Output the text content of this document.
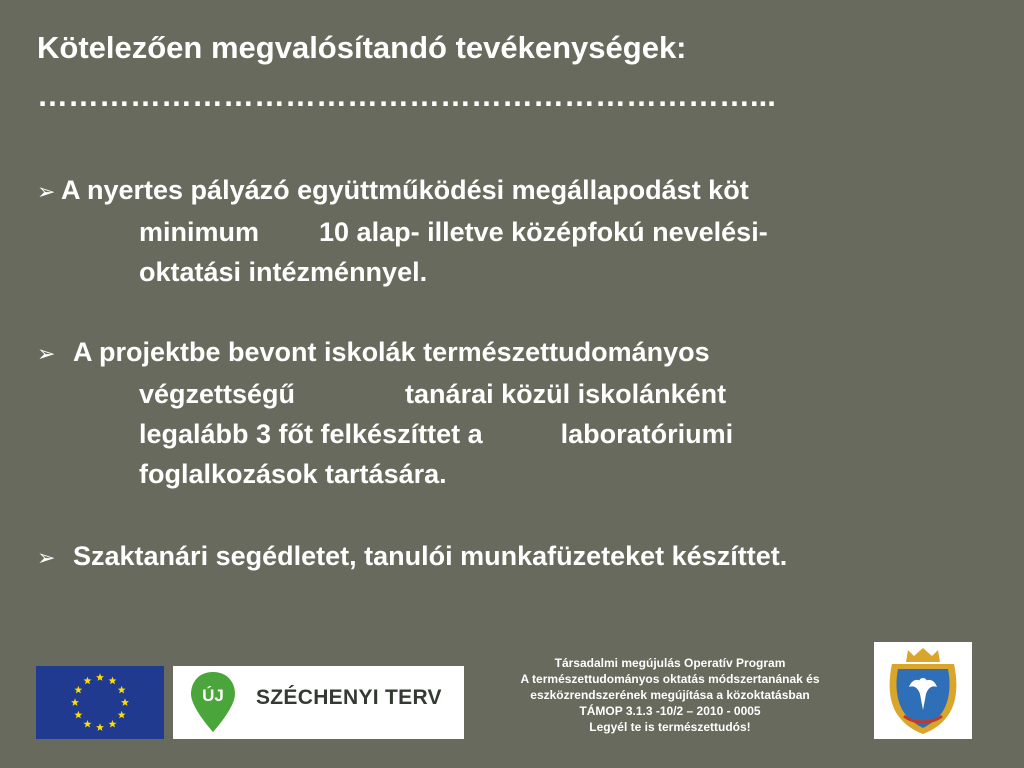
Kötelezően megvalósítandó tevékenységek:
……………………………………………………………...
➢ A nyertes pályázó együttműködési megállapodást köt
minimum 10 alap- illetve középfokú nevelési-
oktatási intézménnyel.
➢ A projektbe bevont iskolák természettudományos
végzettségű	tanárai közül iskolánként
legalább 3 főt felkészíttet a	laboratóriumi
foglalkozások tartására.
➢ Szaktanári segédletet, tanulói munkafüzeteket készíttet.
ÚJ SZÉCHENYI TERV
Társadalmi megújulás Operatív Program
A természettudományos oktatás módszertanának és
eszközrendszerének megújítása a közoktatásban
TÁMOP 3.1.3 -10/2 – 2010 - 0005
Legyél te is természettudós!
